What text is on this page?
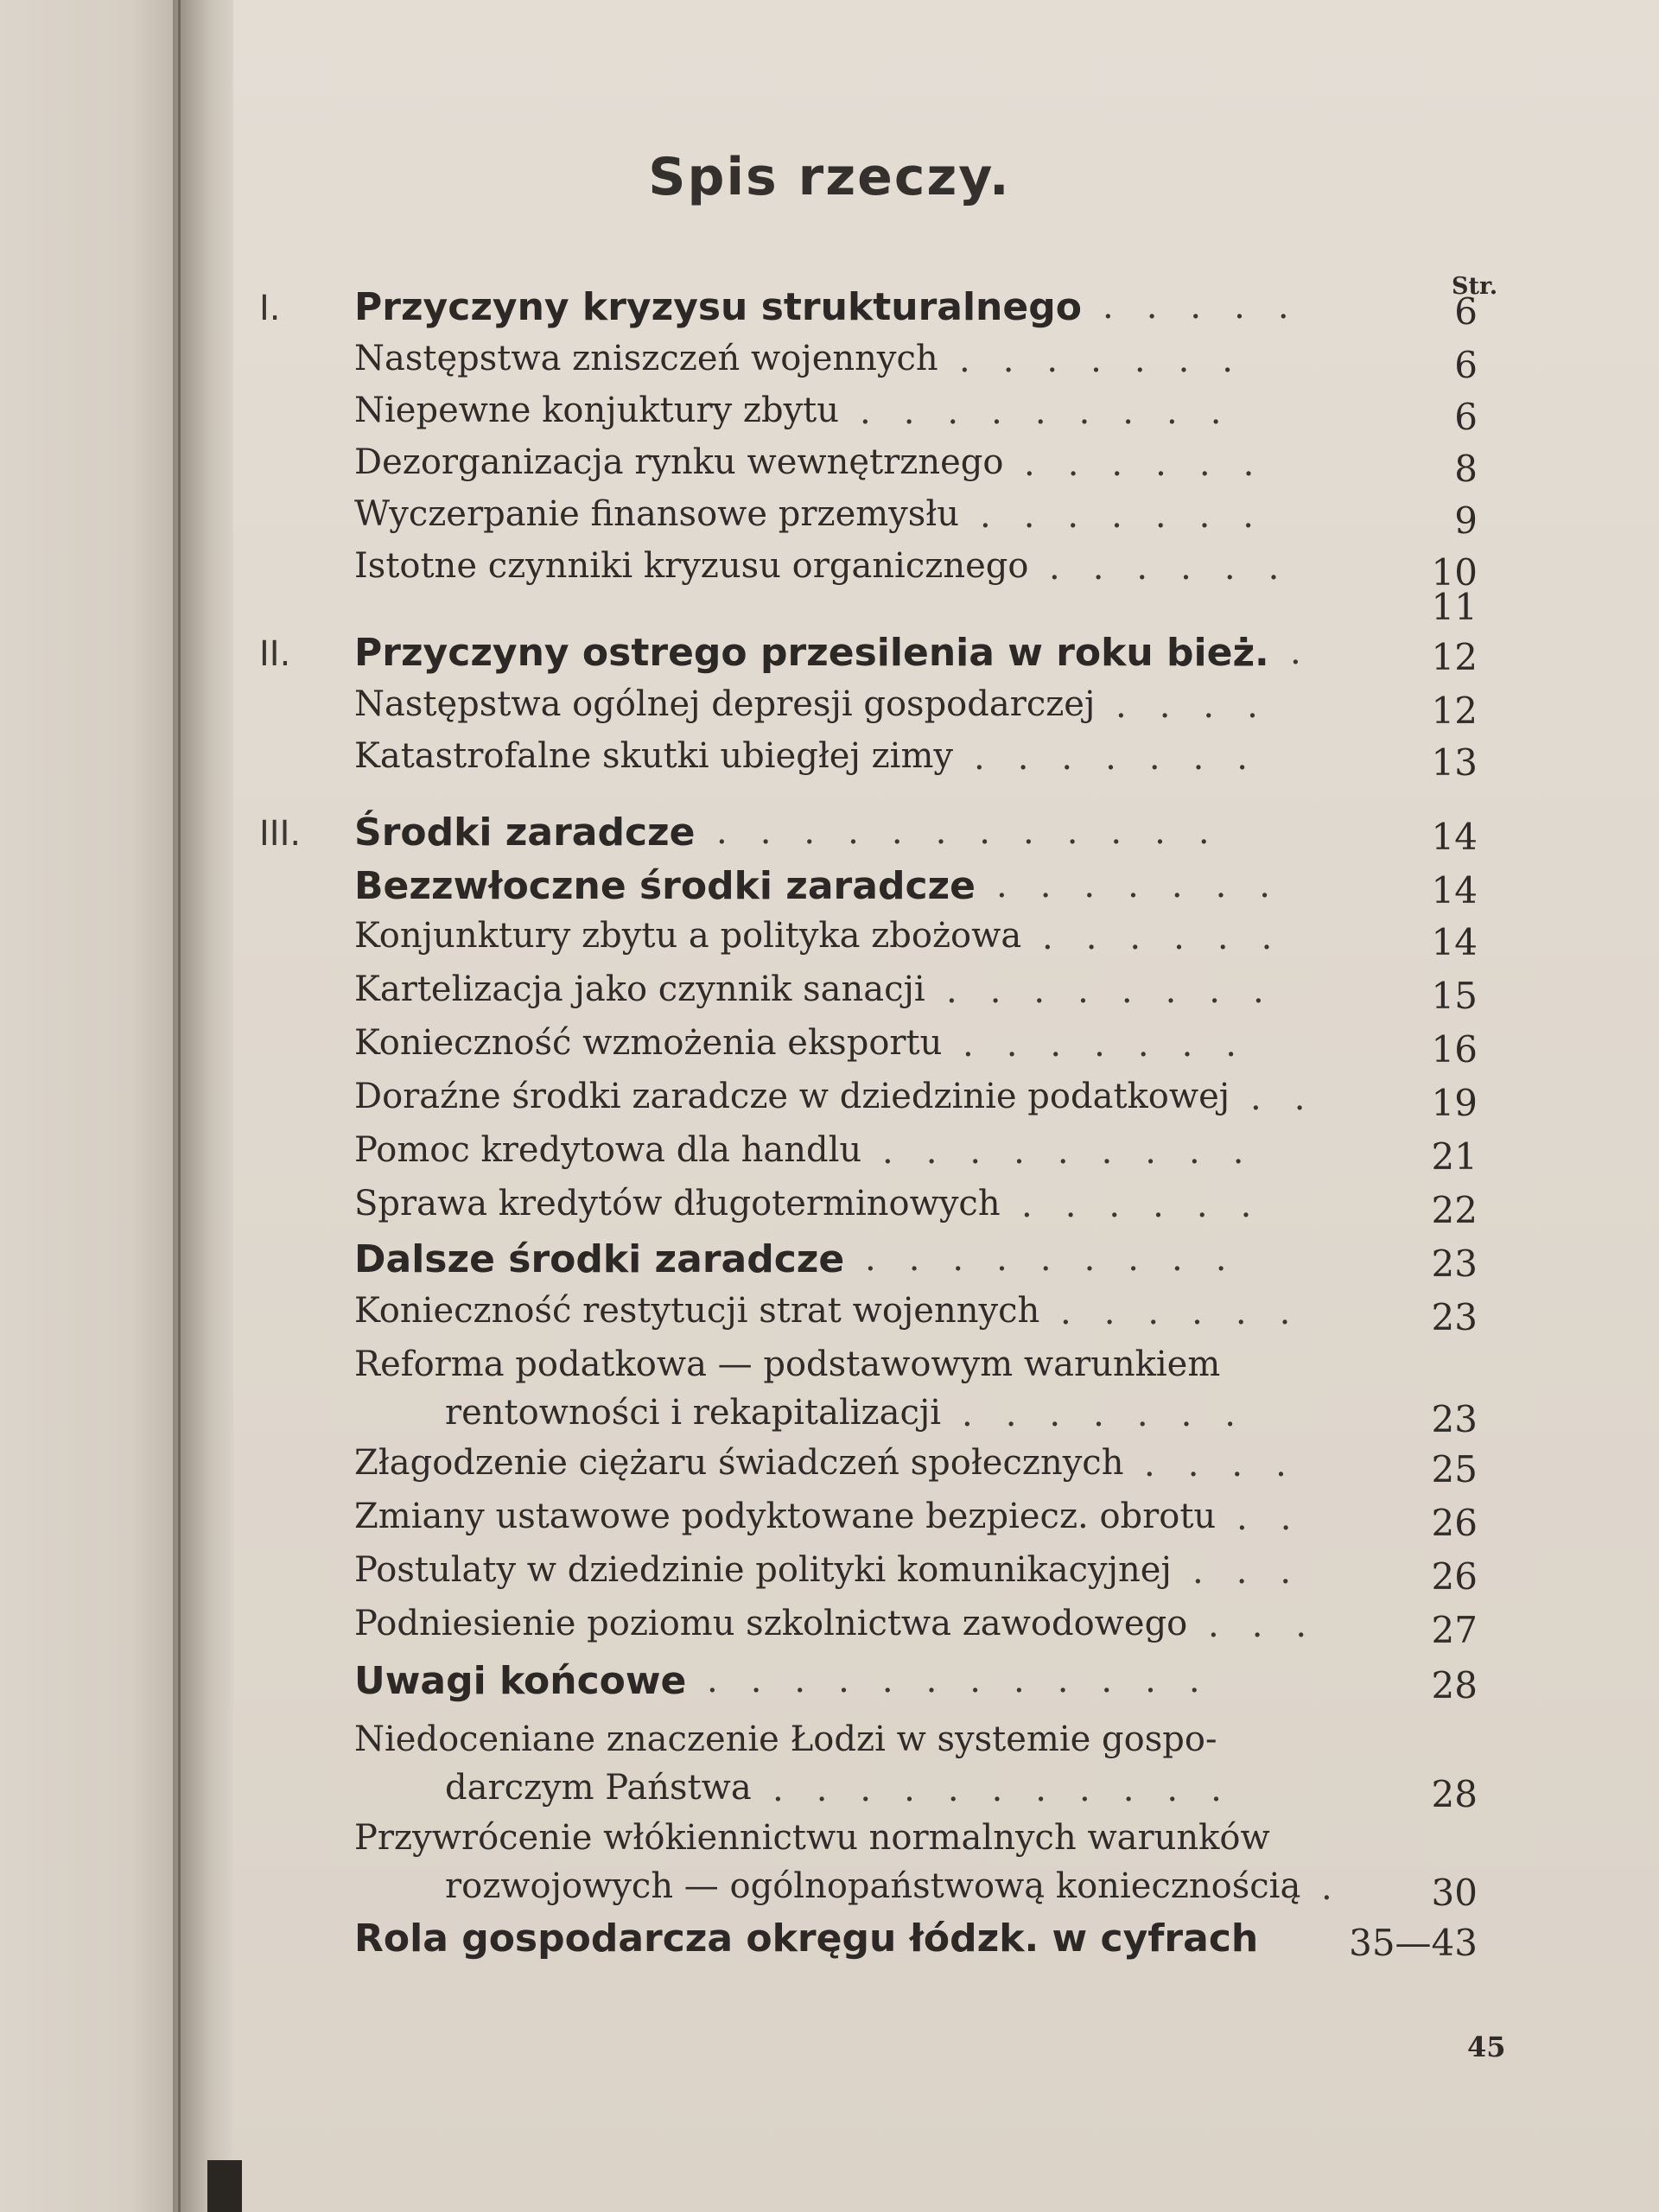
Spis rzeczy.
Str.
I. Przyczyny kryzysu strukturalnego	6
.....
Następstwa zniszczeń wojennych	6
.......
Niepewne konjuktury zbytu	6
.........
Dezorganizacja rynku wewnętrznego	8
......
Wyczerpanie finansowe przemysłu	9
.......
Istotne czynniki kryzusu organicznego	10
......
11
II. Przyczyny ostrego przesilenia w roku bież.	12
.
Następstwa ogólnej depresji gospodarczej	12
....
Katastrofalne skutki ubiegłej zimy	13
.......
III. Środki zaradcze	14
............
Bezzwłoczne środki zaradcze	14
.......
Konjunktury zbytu a polityka zbożowa	14
......
Kartelizacja jako czynnik sanacji	15
........
Konieczność wzmożenia eksportu	16
.......
Doraźne środki zaradcze w dziedzinie podatkowej	19
..
Pomoc kredytowa dla handlu	21
.........
Sprawa kredytów długoterminowych	22
......
Dalsze środki zaradcze	23
.........
Konieczność restytucji strat wojennych	23
......
Reforma podatkowa — podstawowym warunkiem
rentowności i rekapitalizacji	23
.......
Złagodzenie ciężaru świadczeń społecznych	25
....
Zmiany ustawowe podyktowane bezpiecz. obrotu	26
..
Postulaty w dziedzinie polityki komunikacyjnej	26
...
Podniesienie poziomu szkolnictwa zawodowego	27
...
Uwagi końcowe	28
............
Niedoceniane znaczenie Łodzi w systemie gospo-
darczym Państwa	28
...........
Przywrócenie włókiennictwu normalnych warunków
rozwojowych — ogólnopaństwową koniecznością	30
.
Rola gospodarcza okręgu łódzk. w cyfrach 35—43
45
